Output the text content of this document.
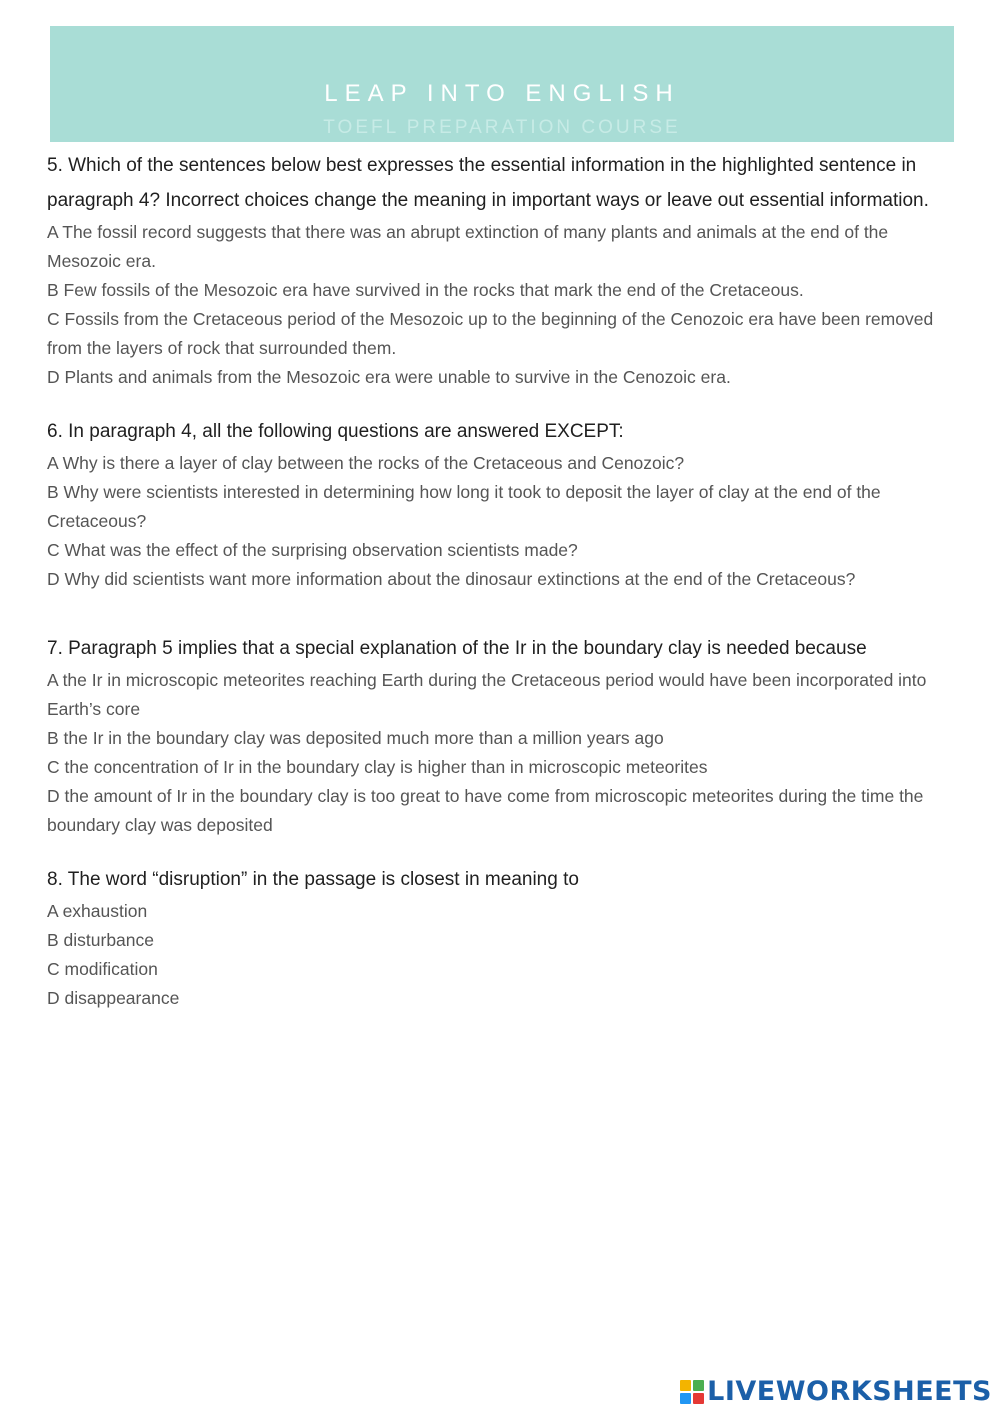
LEAP INTO ENGLISH
TOEFL PREPARATION COURSE

5. Which of the sentences below best expresses the essential information in the highlighted sentence in paragraph 4? Incorrect choices change the meaning in important ways or leave out essential information.

A The fossil record suggests that there was an abrupt extinction of many plants and animals at the end of the Mesozoic era.

B Few fossils of the Mesozoic era have survived in the rocks that mark the end of the Cretaceous.

C Fossils from the Cretaceous period of the Mesozoic up to the beginning of the Cenozoic era have been removed from the layers of rock that surrounded them.

D Plants and animals from the Mesozoic era were unable to survive in the Cenozoic era.

6. In paragraph 4, all the following questions are answered EXCEPT:

A Why is there a layer of clay between the rocks of the Cretaceous and Cenozoic?

B Why were scientists interested in determining how long it took to deposit the layer of clay at the end of the Cretaceous?

C What was the effect of the surprising observation scientists made?

D Why did scientists want more information about the dinosaur extinctions at the end of the Cretaceous?

7. Paragraph 5 implies that a special explanation of the Ir in the boundary clay is needed because

A the Ir in microscopic meteorites reaching Earth during the Cretaceous period would have been incorporated into Earth’s core

B the Ir in the boundary clay was deposited much more than a million years ago

C the concentration of Ir in the boundary clay is higher than in microscopic meteorites

D the amount of Ir in the boundary clay is too great to have come from microscopic meteorites during the time the boundary clay was deposited

8. The word “disruption” in the passage is closest in meaning to

A exhaustion

B disturbance

C modification

D disappearance

LIVEWORKSHEETS
